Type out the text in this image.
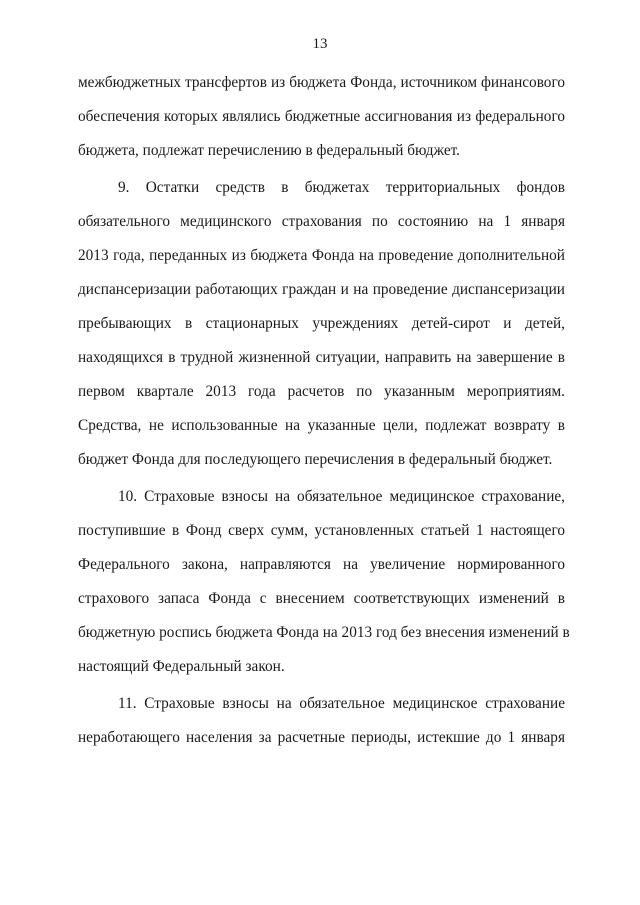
13
межбюджетных трансфертов из бюджета Фонда, источником финансового
обеспечения которых являлись бюджетные ассигнования из федерального
бюджета, подлежат перечислению в федеральный бюджет.
9. Остатки средств в бюджетах территориальных фондов
обязательного медицинского страхования по состоянию на 1 января
2013 года, переданных из бюджета Фонда на проведение дополнительной
диспансеризации работающих граждан и на проведение диспансеризации
пребывающих в стационарных учреждениях детей-сирот и детей,
находящихся в трудной жизненной ситуации, направить на завершение в
первом квартале 2013 года расчетов по указанным мероприятиям.
Средства, не использованные на указанные цели, подлежат возврату в
бюджет Фонда для последующего перечисления в федеральный бюджет.
10. Страховые взносы на обязательное медицинское страхование,
поступившие в Фонд сверх сумм, установленных статьей 1 настоящего
Федерального закона, направляются на увеличение нормированного
страхового запаса Фонда с внесением соответствующих изменений в
бюджетную роспись бюджета Фонда на 2013 год без внесения изменений в
настоящий Федеральный закон.
11. Страховые взносы на обязательное медицинское страхование
неработающего населения за расчетные периоды, истекшие до 1 января
